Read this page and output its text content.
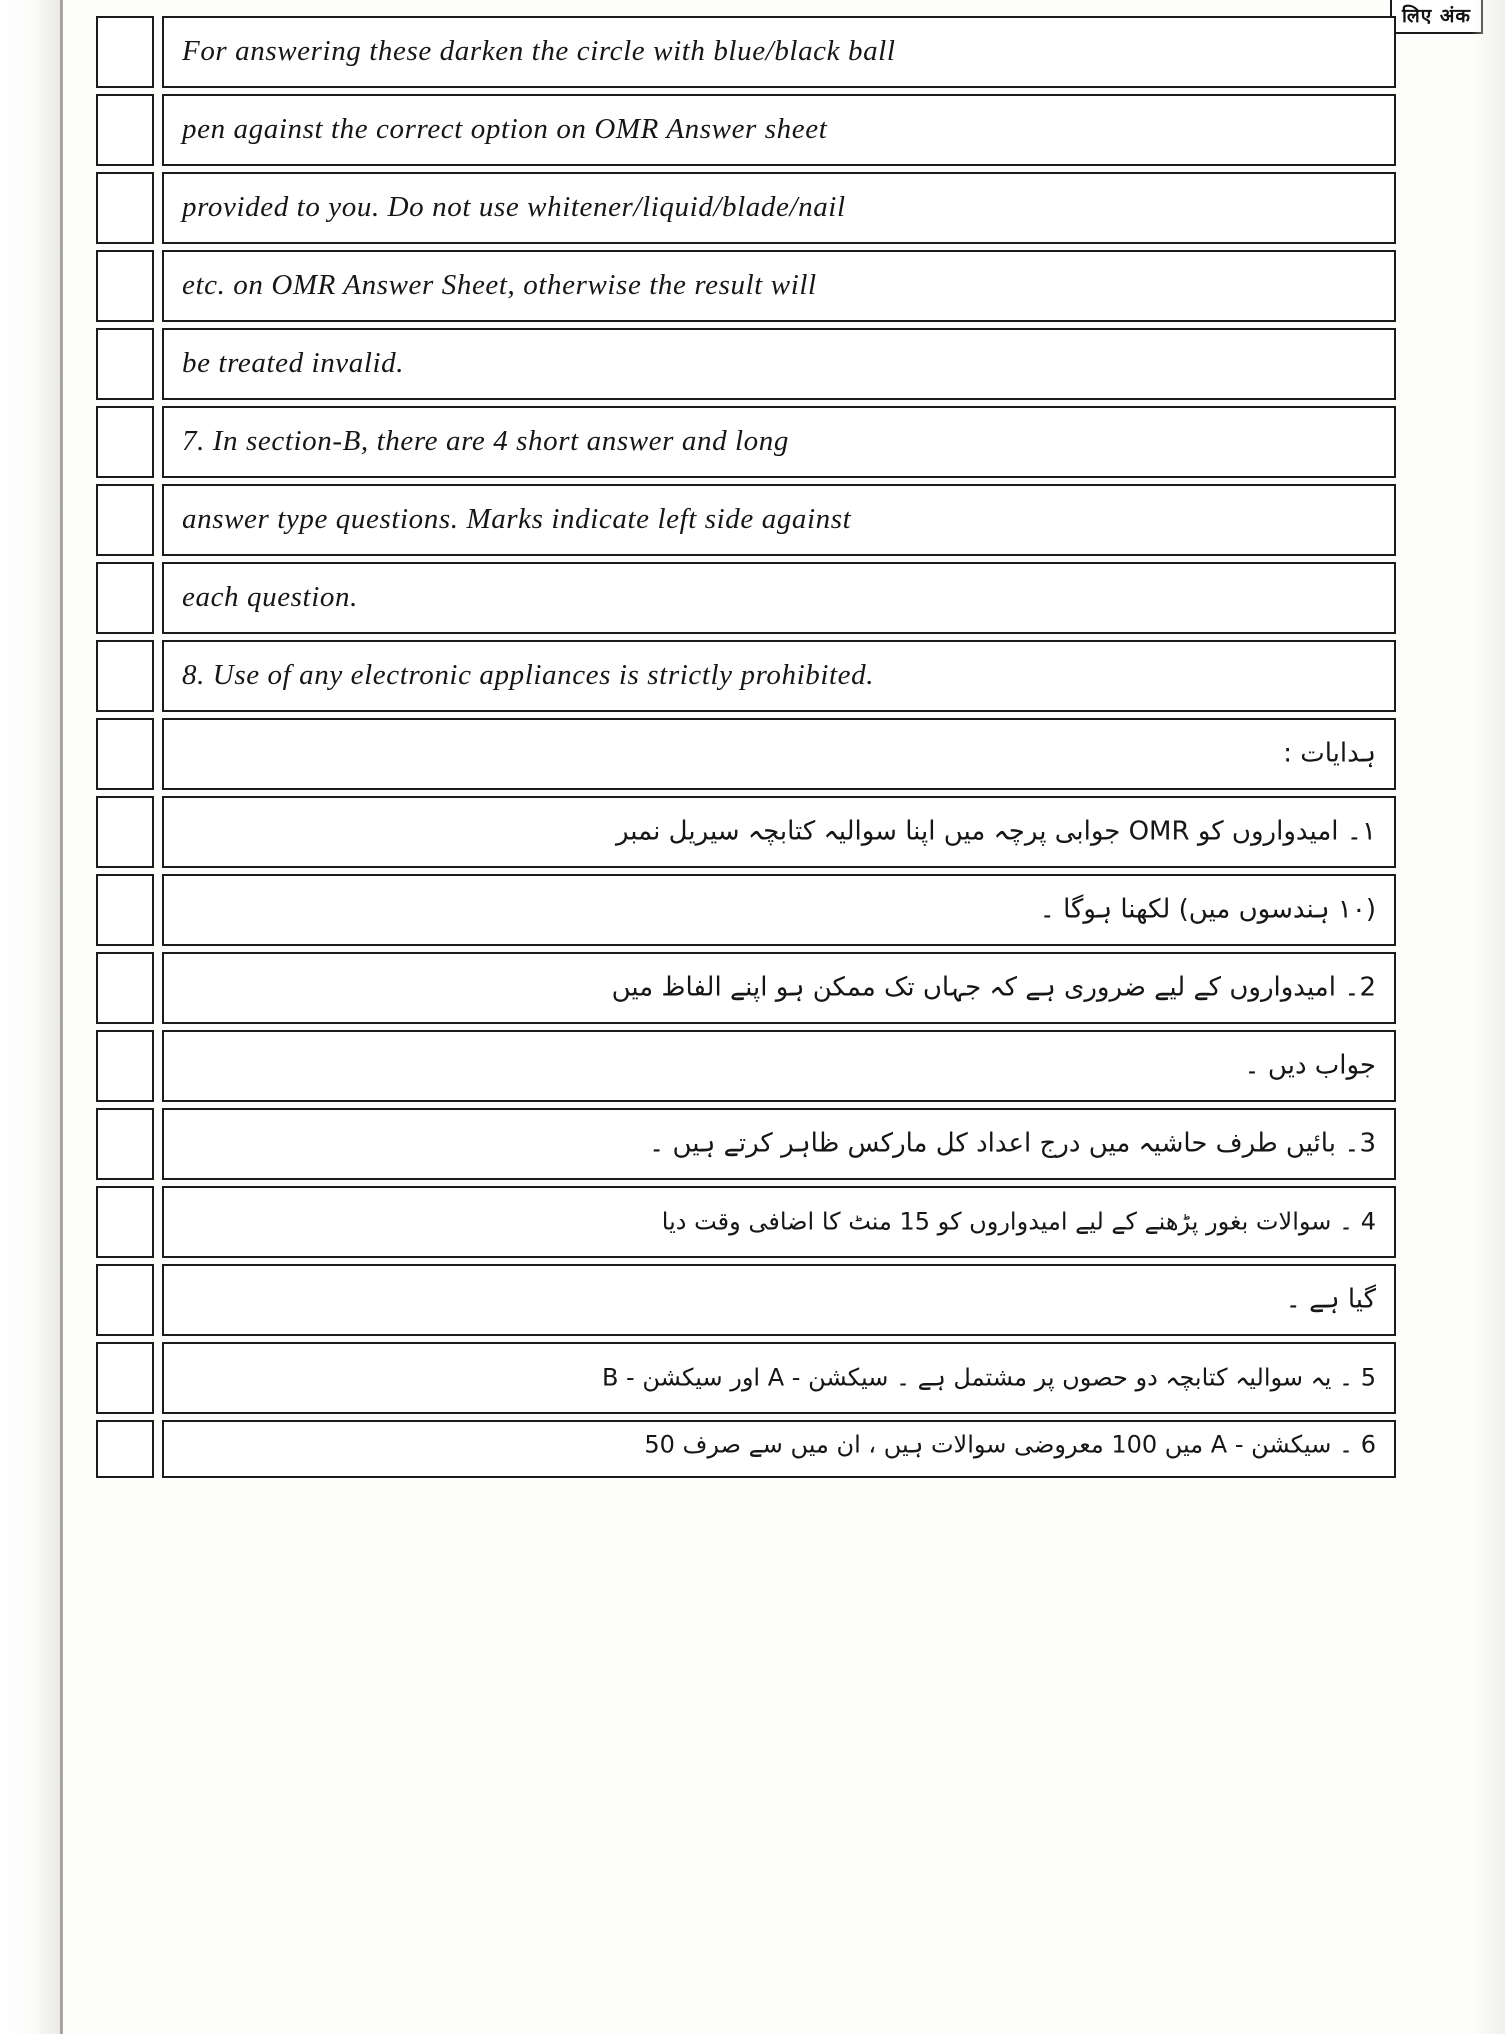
लिए अंक
For answering these darken the circle with blue/black ball
pen against the correct option on OMR Answer sheet
provided to you. Do not use whitener/liquid/blade/nail
etc. on OMR Answer Sheet, otherwise the result will
be treated invalid.
7. In section-B, there are 4 short answer and long
answer type questions. Marks indicate left side against
each question.
8. Use of any electronic appliances is strictly prohibited.
ہدایات :
۱۔ امیدواروں کو OMR جوابی پرچہ میں اپنا سوالیہ کتابچہ سیریل نمبر
(۱۰ ہندسوں میں) لکھنا ہوگا ۔
2۔ امیدواروں کے لیے ضروری ہے کہ جہاں تک ممکن ہو اپنے الفاظ میں
جواب دیں ۔
3۔ بائیں طرف حاشیہ میں درج اعداد کل مارکس ظاہر کرتے ہیں ۔
4 ۔ سوالات بغور پڑھنے کے لیے امیدواروں کو 15 منٹ کا اضافی وقت دیا
گیا ہے ۔
5 ۔ یہ سوالیہ کتابچہ دو حصوں پر مشتمل ہے ۔ سیکشن - A اور سیکشن - B
6 ۔ سیکشن - A میں 100 معروضی سوالات ہیں ، ان میں سے صرف 50
